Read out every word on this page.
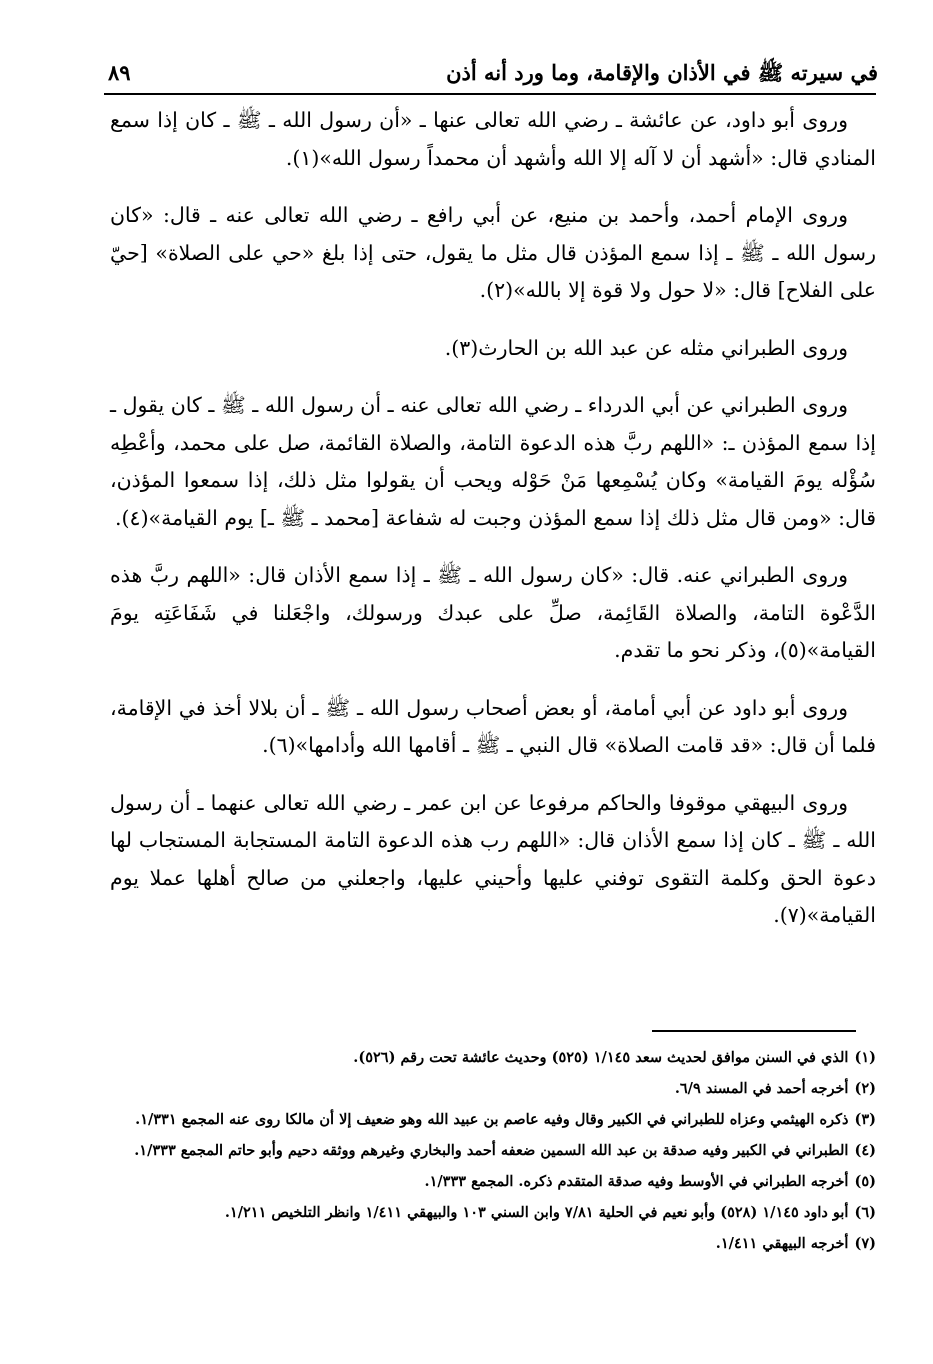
في سيرته ﷺ في الأذان والإقامة، وما ورد أنه أذن
٨٩

وروى أبو داود، عن عائشة ـ رضي الله تعالى عنها ـ «أن رسول الله ـ ﷺ ـ كان إذا سمع المنادي قال: «أشهد أن لا آله إلا الله وأشهد أن محمداً رسول الله»(١).

وروى الإمام أحمد، وأحمد بن منيع، عن أبي رافع ـ رضي الله تعالى عنه ـ قال: «كان رسول الله ـ ﷺ ـ إذا سمع المؤذن قال مثل ما يقول، حتى إذا بلغ «حي على الصلاة» [حيّ على الفلاح] قال: «لا حول ولا قوة إلا بالله»(٢).

وروى الطبراني مثله عن عبد الله بن الحارث(٣).

وروى الطبراني عن أبي الدرداء ـ رضي الله تعالى عنه ـ أن رسول الله ـ ﷺ ـ كان يقول ـ إذا سمع المؤذن ـ: «اللهم ربَّ هذه الدعوة التامة، والصلاة القائمة، صل على محمد، وأعْطِه سُؤْله يومَ القيامة» وكان يُسْمِعها مَنْ حَوْله ويحب أن يقولوا مثل ذلك، إذا سمعوا المؤذن، قال: «ومن قال مثل ذلك إذا سمع المؤذن وجبت له شفاعة [محمد ـ ﷺ ـ] يوم القيامة»(٤).

وروى الطبراني عنه. قال: «كان رسول الله ـ ﷺ ـ إذا سمع الأذان قال: «اللهم ربَّ هذه الدَّعْوة التامة، والصلاة القَائِمة، صلِّ على عبدك ورسولك، واجْعَلنا في شَفَاعَتِه يومَ القيامة»(٥)، وذكر نحو ما تقدم.

وروى أبو داود عن أبي أمامة، أو بعض أصحاب رسول الله ـ ﷺ ـ أن بلالا أخذ في الإقامة، فلما أن قال: «قد قامت الصلاة» قال النبي ـ ﷺ ـ أقامها الله وأدامها»(٦).

وروى البيهقي موقوفا والحاكم مرفوعا عن ابن عمر ـ رضي الله تعالى عنهما ـ أن رسول الله ـ ﷺ ـ كان إذا سمع الأذان قال: «اللهم رب هذه الدعوة التامة المستجابة المستجاب لها دعوة الحق وكلمة التقوى توفني عليها وأحيني عليها، واجعلني من صالح أهلها عملا يوم القيامة»(٧).

(١)الذي في السنن موافق لحديث سعد ١/١٤٥ (٥٢٥) وحديث عائشة تحت رقم (٥٢٦).

(٢)أخرجه أحمد في المسند ٦/٩.

(٣)ذكره الهيثمي وعزاه للطبراني في الكبير وقال وفيه عاصم بن عبيد الله وهو ضعيف إلا أن مالكا روى عنه المجمع ١/٣٣١.

(٤)الطبراني في الكبير وفيه صدقة بن عبد الله السمين ضعفه أحمد والبخاري وغيرهم ووثقه دحيم وأبو حاتم المجمع ١/٣٣٣.

(٥)أخرجه الطبراني في الأوسط وفيه صدقة المتقدم ذكره. المجمع ١/٣٣٣.

(٦)أبو داود ١/١٤٥ (٥٢٨) وأبو نعيم في الحلية ٧/٨١ وابن السني ١٠٣ والبيهقي ١/٤١١ وانظر التلخيص ١/٢١١.

(٧)أخرجه البيهقي ١/٤١١.
